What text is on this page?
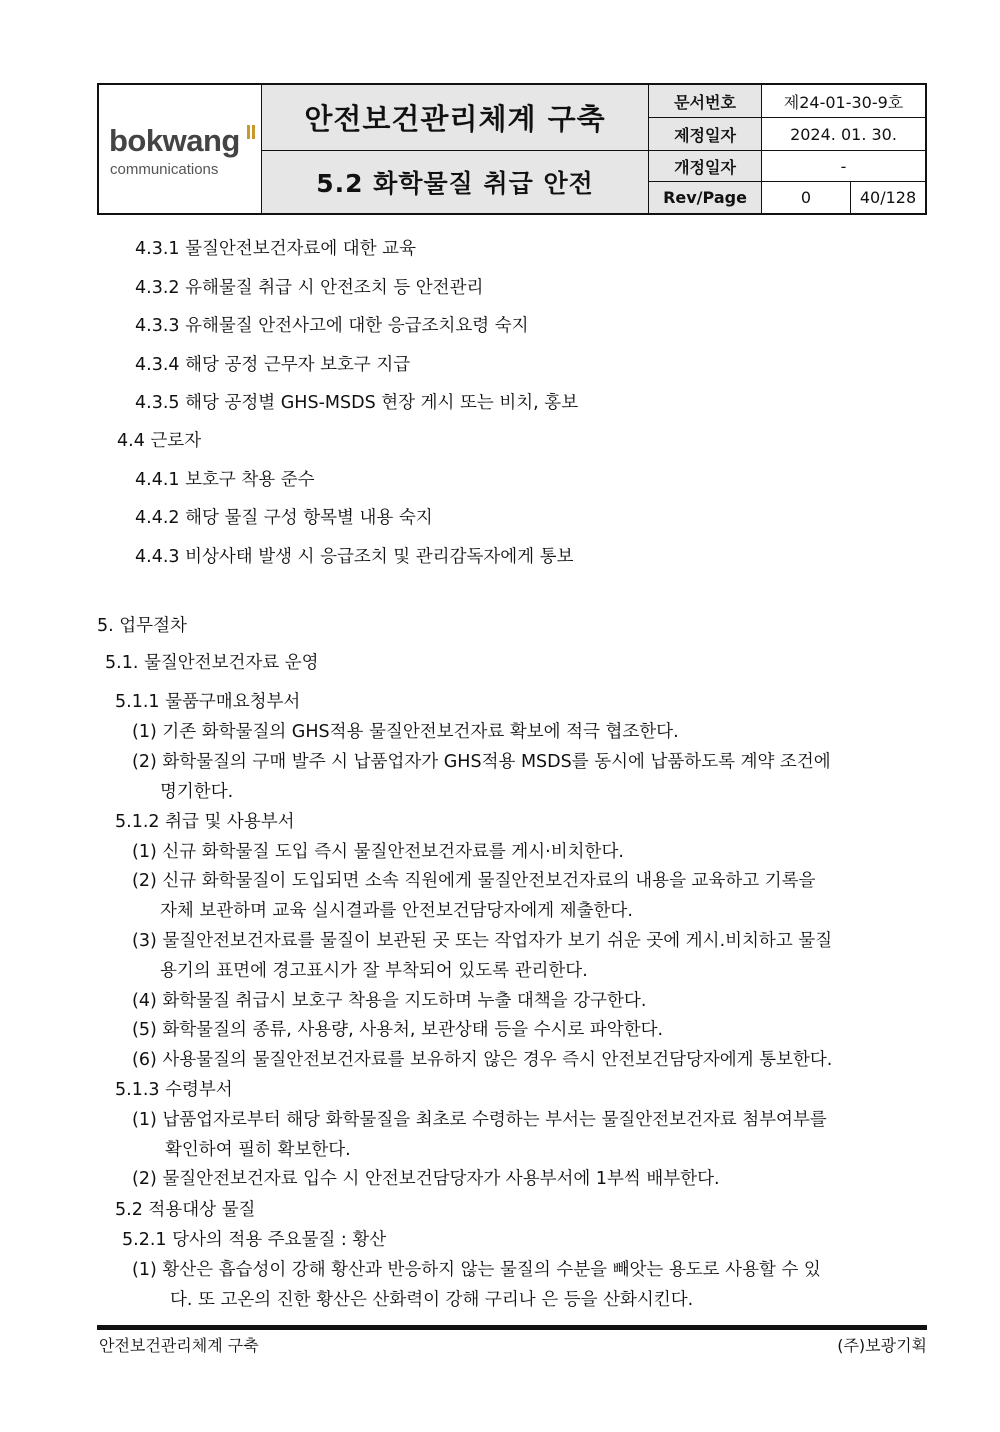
bokwang
communications
안전보건관리체계 구축
5.2 화학물질 취급 안전
문서번호	제24-01-30-9호
제정일자	2024. 01. 30.
개정일자	-
Rev/Page	0	40/128
4.3.1 물질안전보건자료에 대한 교육
4.3.2 유해물질 취급 시 안전조치 등 안전관리
4.3.3 유해물질 안전사고에 대한 응급조치요령 숙지
4.3.4 해당 공정 근무자 보호구 지급
4.3.5 해당 공정별 GHS-MSDS 현장 게시 또는 비치, 홍보
4.4 근로자
4.4.1 보호구 착용 준수
4.4.2 해당 물질 구성 항목별 내용 숙지
4.4.3 비상사태 발생 시 응급조치 및 관리감독자에게 통보
5. 업무절차
5.1. 물질안전보건자료 운영
5.1.1 물품구매요청부서
(1) 기존 화학물질의 GHS적용 물질안전보건자료 확보에 적극 협조한다.
(2) 화학물질의 구매 발주 시 납품업자가 GHS적용 MSDS를 동시에 납품하도록 계약 조건에
명기한다.
5.1.2 취급 및 사용부서
(1) 신규 화학물질 도입 즉시 물질안전보건자료를 게시·비치한다.
(2) 신규 화학물질이 도입되면 소속 직원에게 물질안전보건자료의 내용을 교육하고 기록을
자체 보관하며 교육 실시결과를 안전보건담당자에게 제출한다.
(3) 물질안전보건자료를 물질이 보관된 곳 또는 작업자가 보기 쉬운 곳에 게시.비치하고 물질
용기의 표면에 경고표시가 잘 부착되어 있도록 관리한다.
(4) 화학물질 취급시 보호구 착용을 지도하며 누출 대책을 강구한다.
(5) 화학물질의 종류, 사용량, 사용처, 보관상태 등을 수시로 파악한다.
(6) 사용물질의 물질안전보건자료를 보유하지 않은 경우 즉시 안전보건담당자에게 통보한다.
5.1.3 수령부서
(1) 납품업자로부터 해당 화학물질을 최초로 수령하는 부서는 물질안전보건자료 첨부여부를
확인하여 필히 확보한다.
(2) 물질안전보건자료 입수 시 안전보건담당자가 사용부서에 1부씩 배부한다.
5.2 적용대상 물질
5.2.1 당사의 적용 주요물질 : 황산
(1) 황산은 흡습성이 강해 황산과 반응하지 않는 물질의 수분을 빼앗는 용도로 사용할 수 있
다. 또 고온의 진한 황산은 산화력이 강해 구리나 은 등을 산화시킨다.
안전보건관리체계 구축	(주)보광기획
